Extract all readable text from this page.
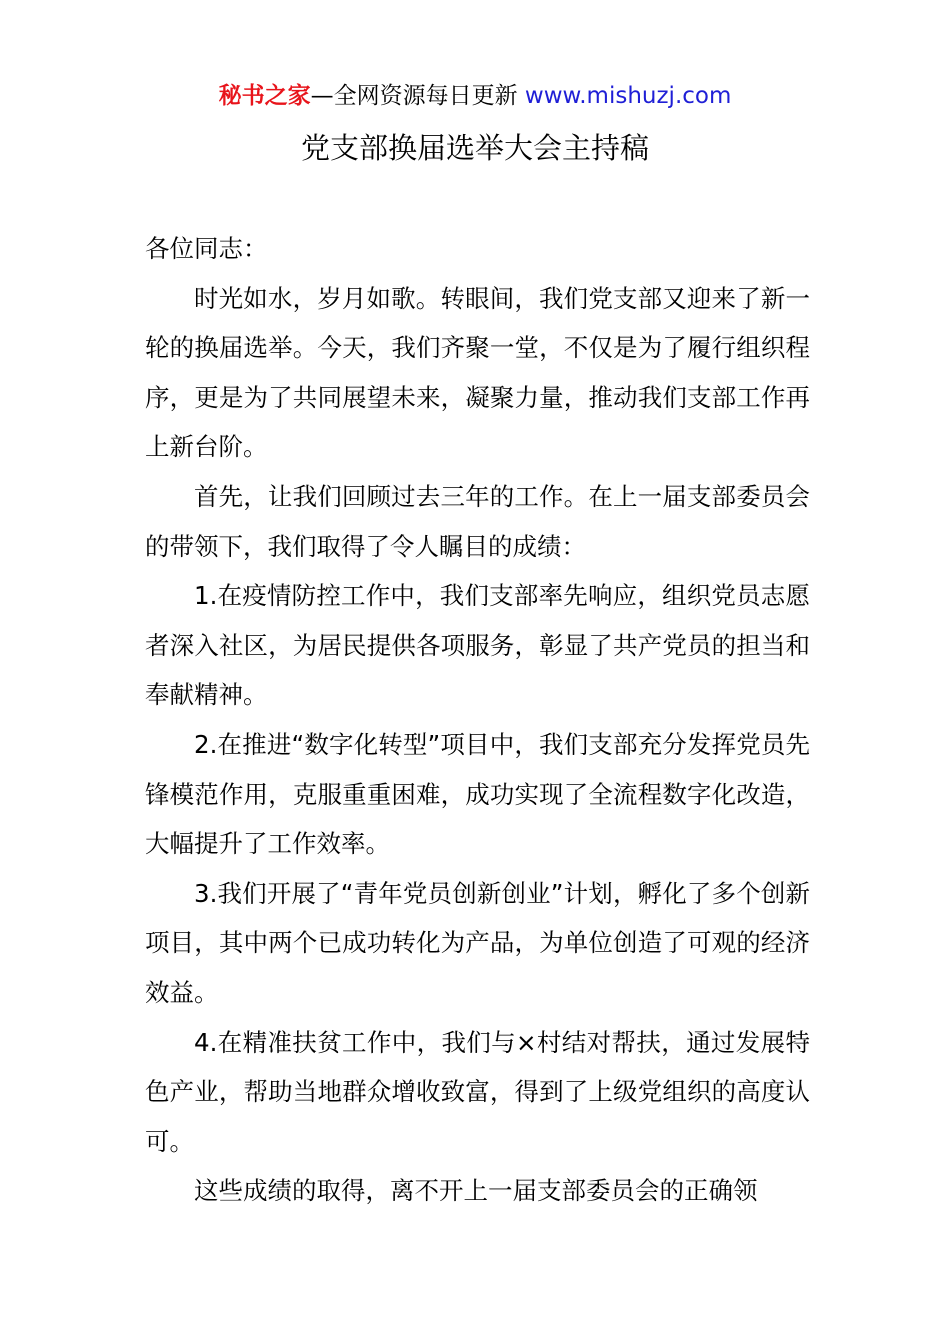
秘书之家—全网资源每日更新 www.mishuzj.com
党支部换届选举大会主持稿

各位同志：

时光如水，岁月如歌。转眼间，我们党支部又迎来了新一轮的换届选举。今天，我们齐聚一堂，不仅是为了履行组织程序，更是为了共同展望未来，凝聚力量，推动我们支部工作再上新台阶。

首先，让我们回顾过去三年的工作。在上一届支部委员会的带领下，我们取得了令人瞩目的成绩：

1.在疫情防控工作中，我们支部率先响应，组织党员志愿者深入社区，为居民提供各项服务，彰显了共产党员的担当和奉献精神。

2.在推进“数字化转型”项目中，我们支部充分发挥党员先锋模范作用，克服重重困难，成功实现了全流程数字化改造，大幅提升了工作效率。

3.我们开展了“青年党员创新创业”计划，孵化了多个创新项目，其中两个已成功转化为产品，为单位创造了可观的经济效益。

4.在精准扶贫工作中，我们与×村结对帮扶，通过发展特色产业，帮助当地群众增收致富，得到了上级党组织的高度认可。

这些成绩的取得，离不开上一届支部委员会的正确领
